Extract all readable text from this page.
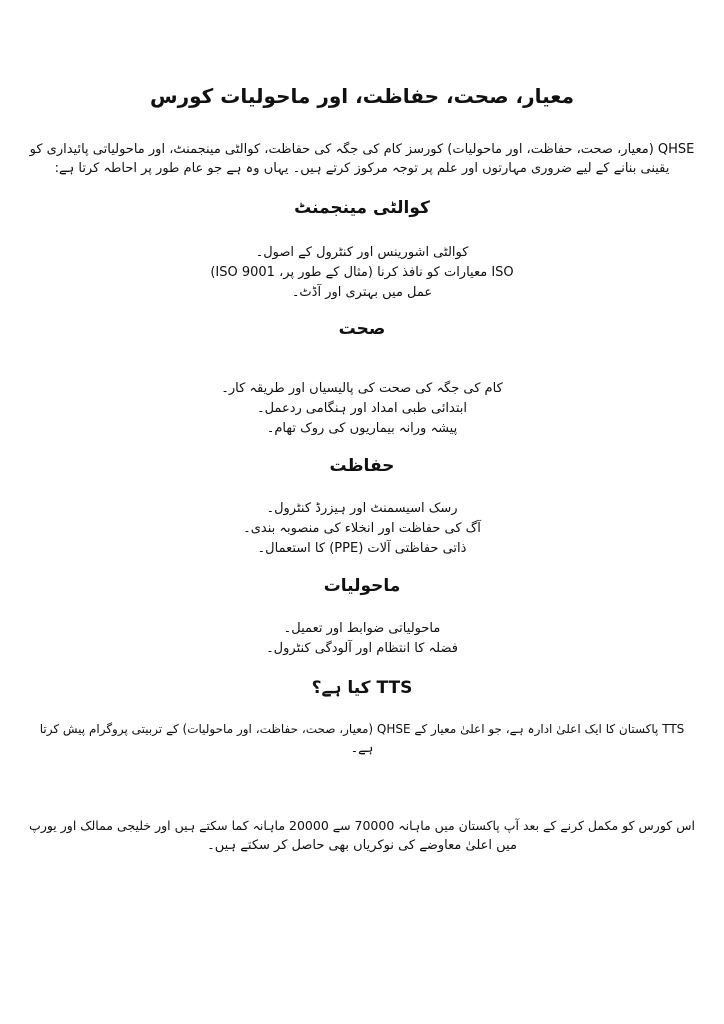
معیار، صحت، حفاظت، اور ماحولیات کورس
QHSE (معیار، صحت، حفاظت، اور ماحولیات) کورسز کام کی جگہ کی حفاظت، کوالٹی مینجمنٹ، اور ماحولیاتی پائیداری کو یقینی بنانے کے لیے ضروری مہارتوں اور علم پر توجہ مرکوز کرتے ہیں۔ یہاں وہ ہے جو عام طور پر احاطہ کرتا ہے:
کوالٹی مینجمنٹ
کوالٹی اشورینس اور کنٹرول کے اصول۔
ISO معیارات کو نافذ کرنا (مثال کے طور پر، ISO 9001)
عمل میں بہتری اور آڈٹ۔
صحت
کام کی جگہ کی صحت کی پالیسیاں اور طریقہ کار۔
ابتدائی طبی امداد اور ہنگامی ردعمل۔
پیشہ ورانہ بیماریوں کی روک تھام۔
حفاظت
رسک اسیسمنٹ اور ہیزرڈ کنٹرول۔
آگ کی حفاظت اور انخلاء کی منصوبہ بندی۔
ذاتی حفاظتی آلات (PPE) کا استعمال۔
ماحولیات
ماحولیاتی ضوابط اور تعمیل۔
فضلہ کا انتظام اور آلودگی کنٹرول۔
TTS کیا ہے؟
TTS پاکستان کا ایک اعلیٰ ادارہ ہے، جو اعلیٰ معیار کے QHSE (معیار، صحت، حفاظت، اور ماحولیات) کے تربیتی پروگرام پیش کرتا
ہے۔
اس کورس کو مکمل کرنے کے بعد آپ پاکستان میں ماہانہ 70000 سے 20000 ماہانہ کما سکتے ہیں اور خلیجی ممالک اور یورپ
میں اعلیٰ معاوضے کی نوکریاں بھی حاصل کر سکتے ہیں۔
